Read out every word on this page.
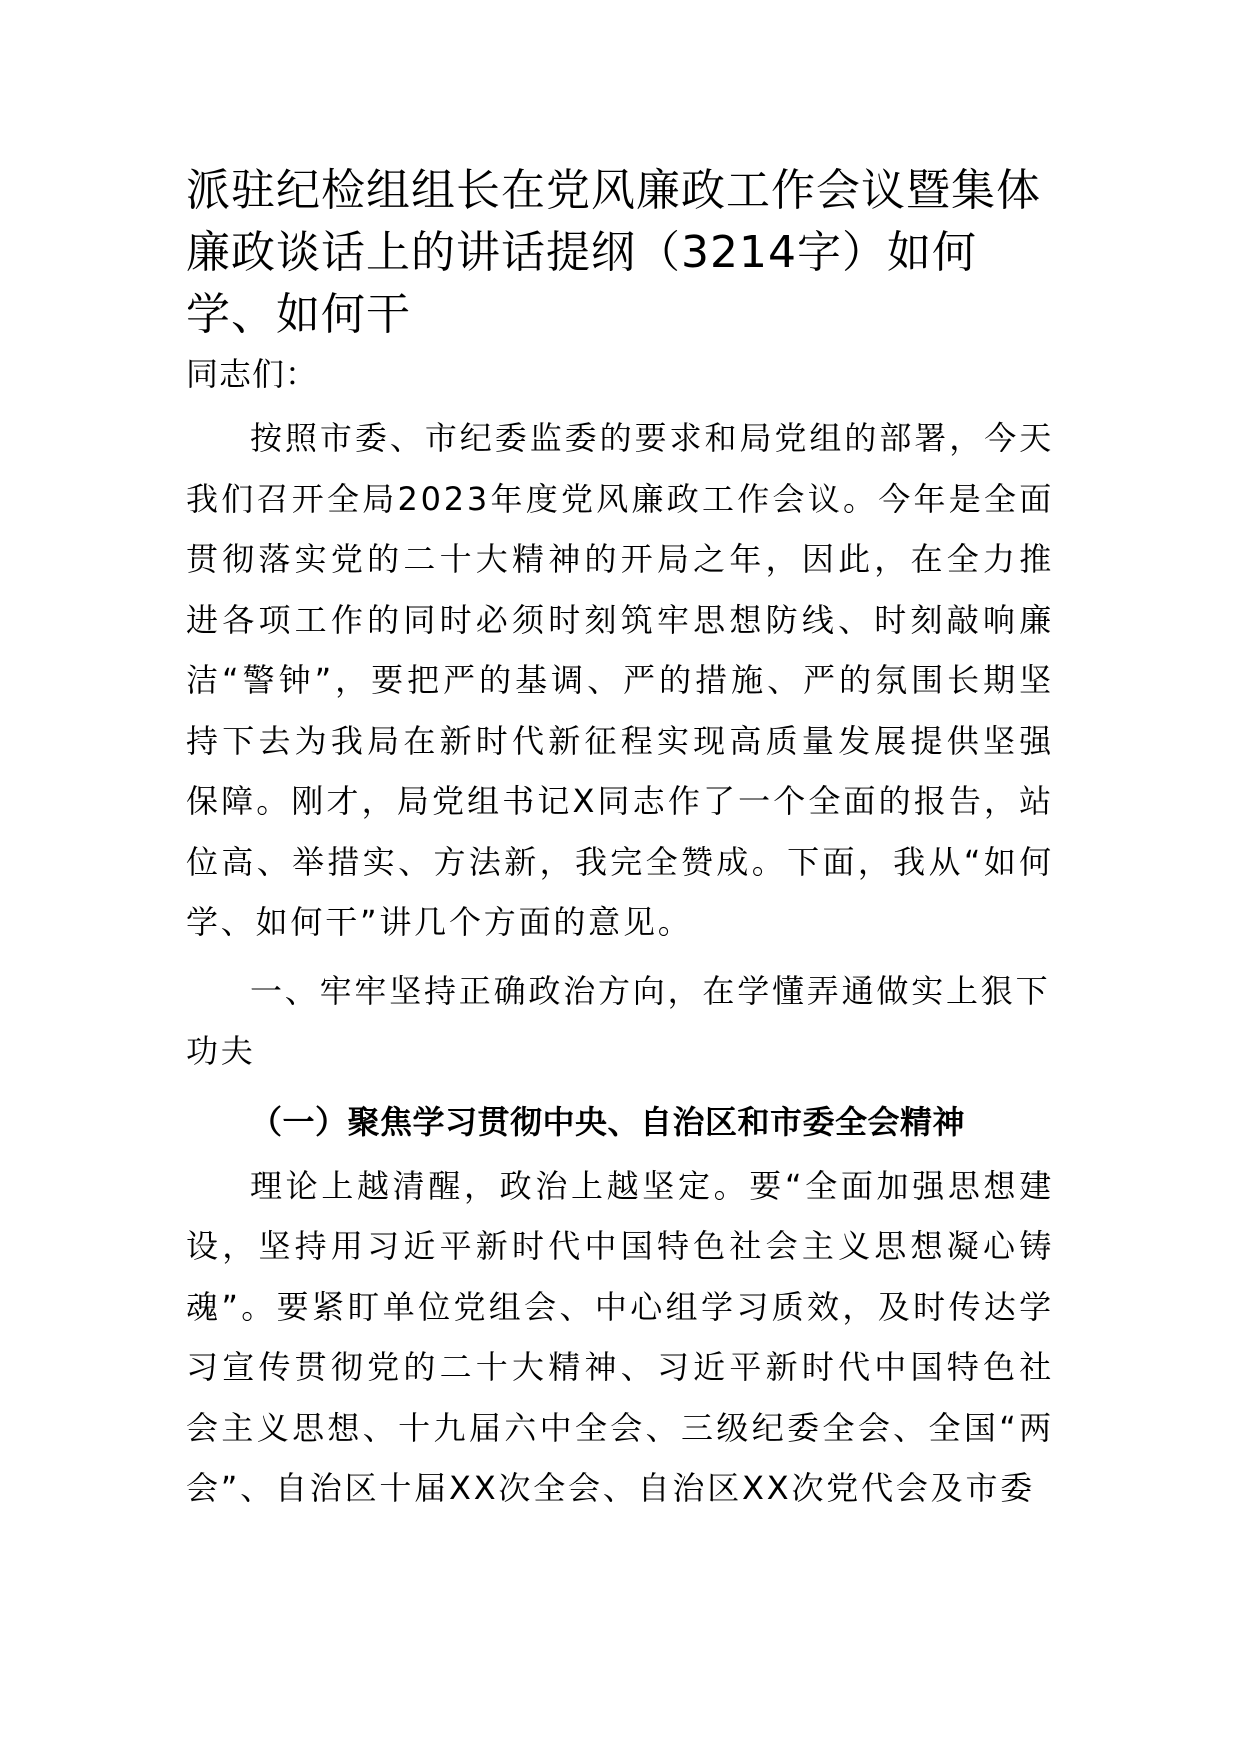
派驻纪检组组长在党风廉政工作会议暨集体廉政谈话上的讲话提纲（3214字）如何学、如何干

同志们：

按照市委、市纪委监委的要求和局党组的部署，今天我们召开全局2023年度党风廉政工作会议。今年是全面贯彻落实党的二十大精神的开局之年，因此，在全力推进各项工作的同时必须时刻筑牢思想防线、时刻敲响廉洁“警钟”，要把严的基调、严的措施、严的氛围长期坚持下去为我局在新时代新征程实现高质量发展提供坚强保障。刚才，局党组书记X同志作了一个全面的报告，站位高、举措实、方法新，我完全赞成。下面，我从“如何学、如何干”讲几个方面的意见。

一、牢牢坚持正确政治方向，在学懂弄通做实上狠下功夫

（一）聚焦学习贯彻中央、自治区和市委全会精神

理论上越清醒，政治上越坚定。要“全面加强思想建设，坚持用习近平新时代中国特色社会主义思想凝心铸魂”。要紧盯单位党组会、中心组学习质效，及时传达学习宣传贯彻党的二十大精神、习近平新时代中国特色社会主义思想、十九届六中全会、三级纪委全会、全国“两会”、自治区十届XX次全会、自治区XX次党代会及市委
